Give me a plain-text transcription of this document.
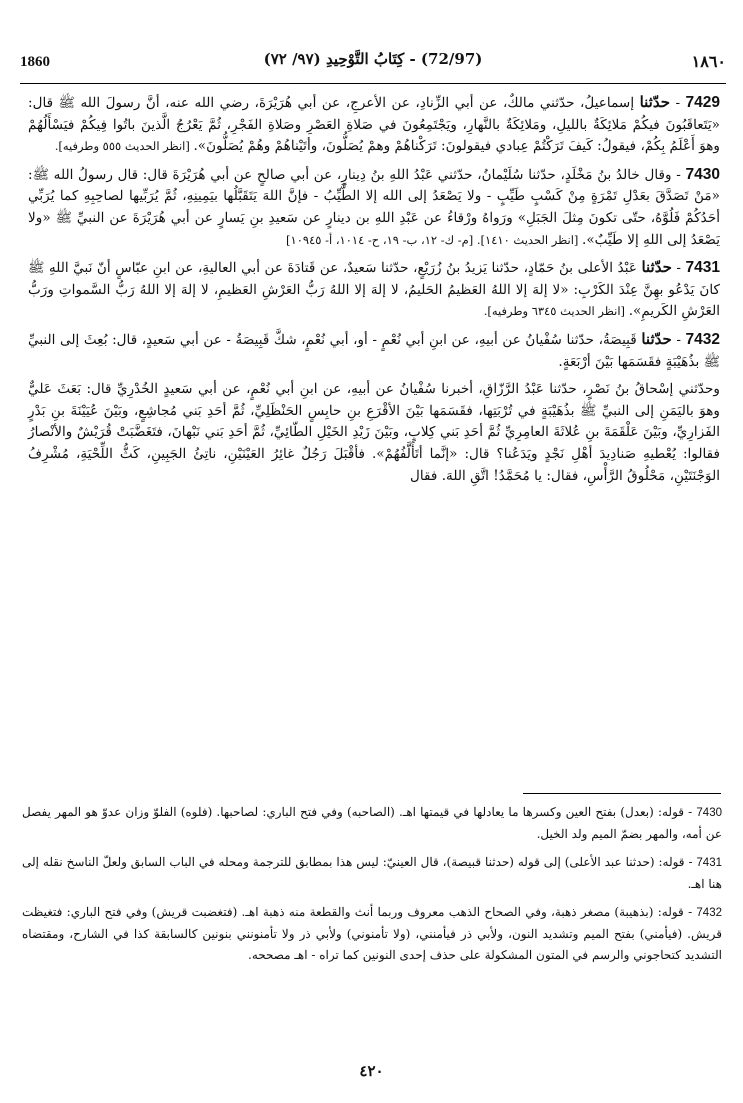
1860	(72/97) - كِتَابُ التَّوْحِيدِ (٩٧/ ٧٢)	١٨٦٠

7429 - حدّثنا إسماعيلُ، حدّثني مالكٌ، عن أبي الزِّنادِ، عن الأعرجِ، عن أبي هُرَيْرَةَ، رضي الله عنه، أنَّ رسولَ الله ﷺ قال: «يَتَعاقَبُونَ فيكُمْ مَلائِكَةٌ بالليلِ، ومَلائِكَةٌ بالنَّهارِ، ويَجْتَمِعُونَ في صَلاةِ العَصْرِ وصَلاةِ الفَجْرِ، ثُمَّ يَعْرُجُ الَّذينَ باتُوا فِيكُمْ فيَسْأَلُهُمْ وهوَ أَعْلَمُ بِكُمْ، فيقولُ: كَيفَ تَرَكْتُمْ عِبادي فيقولونَ: تَرَكْناهُمْ وهمْ يُصَلُّونَ، وأتَيْناهُمْ وهُمْ يُصَلُّونَ». [انظر الحديث ٥٥٥ وطرفيه].

7430 - وقال خالدُ بنُ مَخْلَدٍ، حدّثنا سُلَيْمانُ، حدّثني عَبْدُ اللهِ بنُ دِينارٍ، عن أبي صالحٍ عن أبي هُرَيْرَةَ قال: قال رسولُ الله ﷺ: «مَنْ تَصَدَّقَ بعَدْلِ تَمْرَةٍ مِنْ كَسْبٍ طَيِّبٍ - ولا يَصْعَدُ إلى الله إلا الطَّيِّبُ - فإنَّ اللهَ يَتَقَبَّلُها بيَمِينِهِ، ثُمَّ يُرَبِّيها لصاحِبِهِ كما يُرَبِّي أحَدُكُمْ فَلُوَّهُ، حتّى تكونَ مِثلَ الجَبَلِ» ورَواهُ ورْقاءُ عن عَبْدِ اللهِ بن دينارٍ عن سَعيدِ بنِ يَسارٍ عن أبي هُرَيْرَةَ عن النبيِّ ﷺ «ولا يَصْعَدُ إلى اللهِ إلا طَيِّبٌ». [انظر الحديث ١٤١٠]. [م- ك- ١٢، ب- ١٩، ح- ١٠١٤، أ- ١٠٩٤٥]

7431 - حدّثنا عَبْدُ الأعلى بنُ حَمّادٍ، حدّثنا يَزيدُ بنُ زُرَيْعٍ، حدّثنا سَعيدٌ، عن قَتادَةَ عن أبي العاليةِ، عن ابنِ عبّاسٍ أنّ نَبيَّ اللهِ ﷺ كانَ يَدْعُو بهِنَّ عِنْدَ الكَرْبِ: «لا إلهَ إلا اللهُ العَظيمُ الحَليمُ، لا إلهَ إلا اللهُ رَبُّ العَرْشِ العَظيمِ، لا إلهَ إلا اللهُ رَبُّ السَّمواتِ ورَبُّ العَرْشِ الكَريمِ». [انظر الحديث ٦٣٤٥ وطرفيه].

7432 - حدّثنا قَبِيصَةُ، حدّثنا سُفْيانُ عن أبيهِ، عن ابنِ أبي نُعْمٍ - أو، أبي نُعْمٍ، شكَّ قَبِيصَةُ - عن أبي سَعيدٍ، قال: بُعِثَ إلى النبيِّ ﷺ بذُهَيْبَةٍ فقَسَمَها بَيْنَ أرْبَعَةٍ.

وحدّثني إسْحاقُ بنُ نَصْرٍ، حدّثنا عَبْدُ الرَّزّاقِ، أخبرنا سُفْيانُ عن أبيهِ، عن ابنِ أبي نُعْمٍ، عن أبي سَعيدٍ الخُدْرِيِّ قال: بَعَثَ عَليٌّ وهوَ باليَمَنِ إلى النبيِّ ﷺ بذُهَيْبَةٍ في تُرْبَتِها، فقَسَمَها بَيْنَ الأقْرَعِ بنِ حابِسٍ الحَنْظَلِيِّ، ثُمَّ أحَدِ بَني مُجاشِعٍ، وبَيْنَ عُيَيْنَةَ بنِ بَدْرٍ الفَزارِيِّ، وبَيْنَ عَلْقَمَةَ بنِ عُلاثَةَ العامِرِيِّ ثُمَّ أحَدِ بَني كِلابٍ، وبَيْنَ زَيْدِ الخَيْلِ الطّائِيِّ، ثُمَّ أحَدِ بَني نَبْهانَ، فتَغَضَّبَتْ قُرَيْشٌ والأنْصارُ فقالوا: يُعْطيهِ صَنادِيدَ أهْلِ نَجْدٍ ويَدَعُنا؟ قال: «إنَّما أتَأَلَّفُهُمْ». فأقْبَلَ رَجُلٌ غائِرُ العَيْنَيْنِ، ناتِئُ الجَبِينِ، كَثُّ اللِّحْيَةِ، مُشْرِفُ الوَجْنَتَيْنِ، مَحْلُوقُ الرَّأْسِ، فقال: يا مُحَمَّدُ! اتَّقِ اللهَ. فقال

7430 - قوله: (بعدل) بفتح العين وكسرها ما يعادلها في قيمتها اهـ. (الصاحبه) وفي فتح الباري: لصاحبها. (فلوه) الفلوّ وزان عدوّ هو المهر يفصل عن أمه، والمهر بضمّ الميم ولد الخيل.

7431 - قوله: (حدثنا عبد الأعلى) إلى قوله (حدثنا قبيصة)، قال العينيّ: ليس هذا بمطابق للترجمة ومحله في الباب السابق ولعلّ الناسخ نقله إلى هنا اهـ.

7432 - قوله: (بذهيبة) مصغر ذهبة، وفي الصحاح الذهب معروف وربما أنث والقطعة منه ذهبة اهـ. (فتغضبت قريش) وفي فتح الباري: فتغيظت قريش. (فيأمني) بفتح الميم وتشديد النون، ولأبي ذر فيأمنني، (ولا تأمنوني) ولأبي ذر ولا تأمنونني بنونين كالسابقة كذا في الشارح، ومقتضاه التشديد كتحاجوني والرسم في المتون المشكولة على حذف إحدى النونين كما تراه - اهـ مصححه.

٤٢٠
